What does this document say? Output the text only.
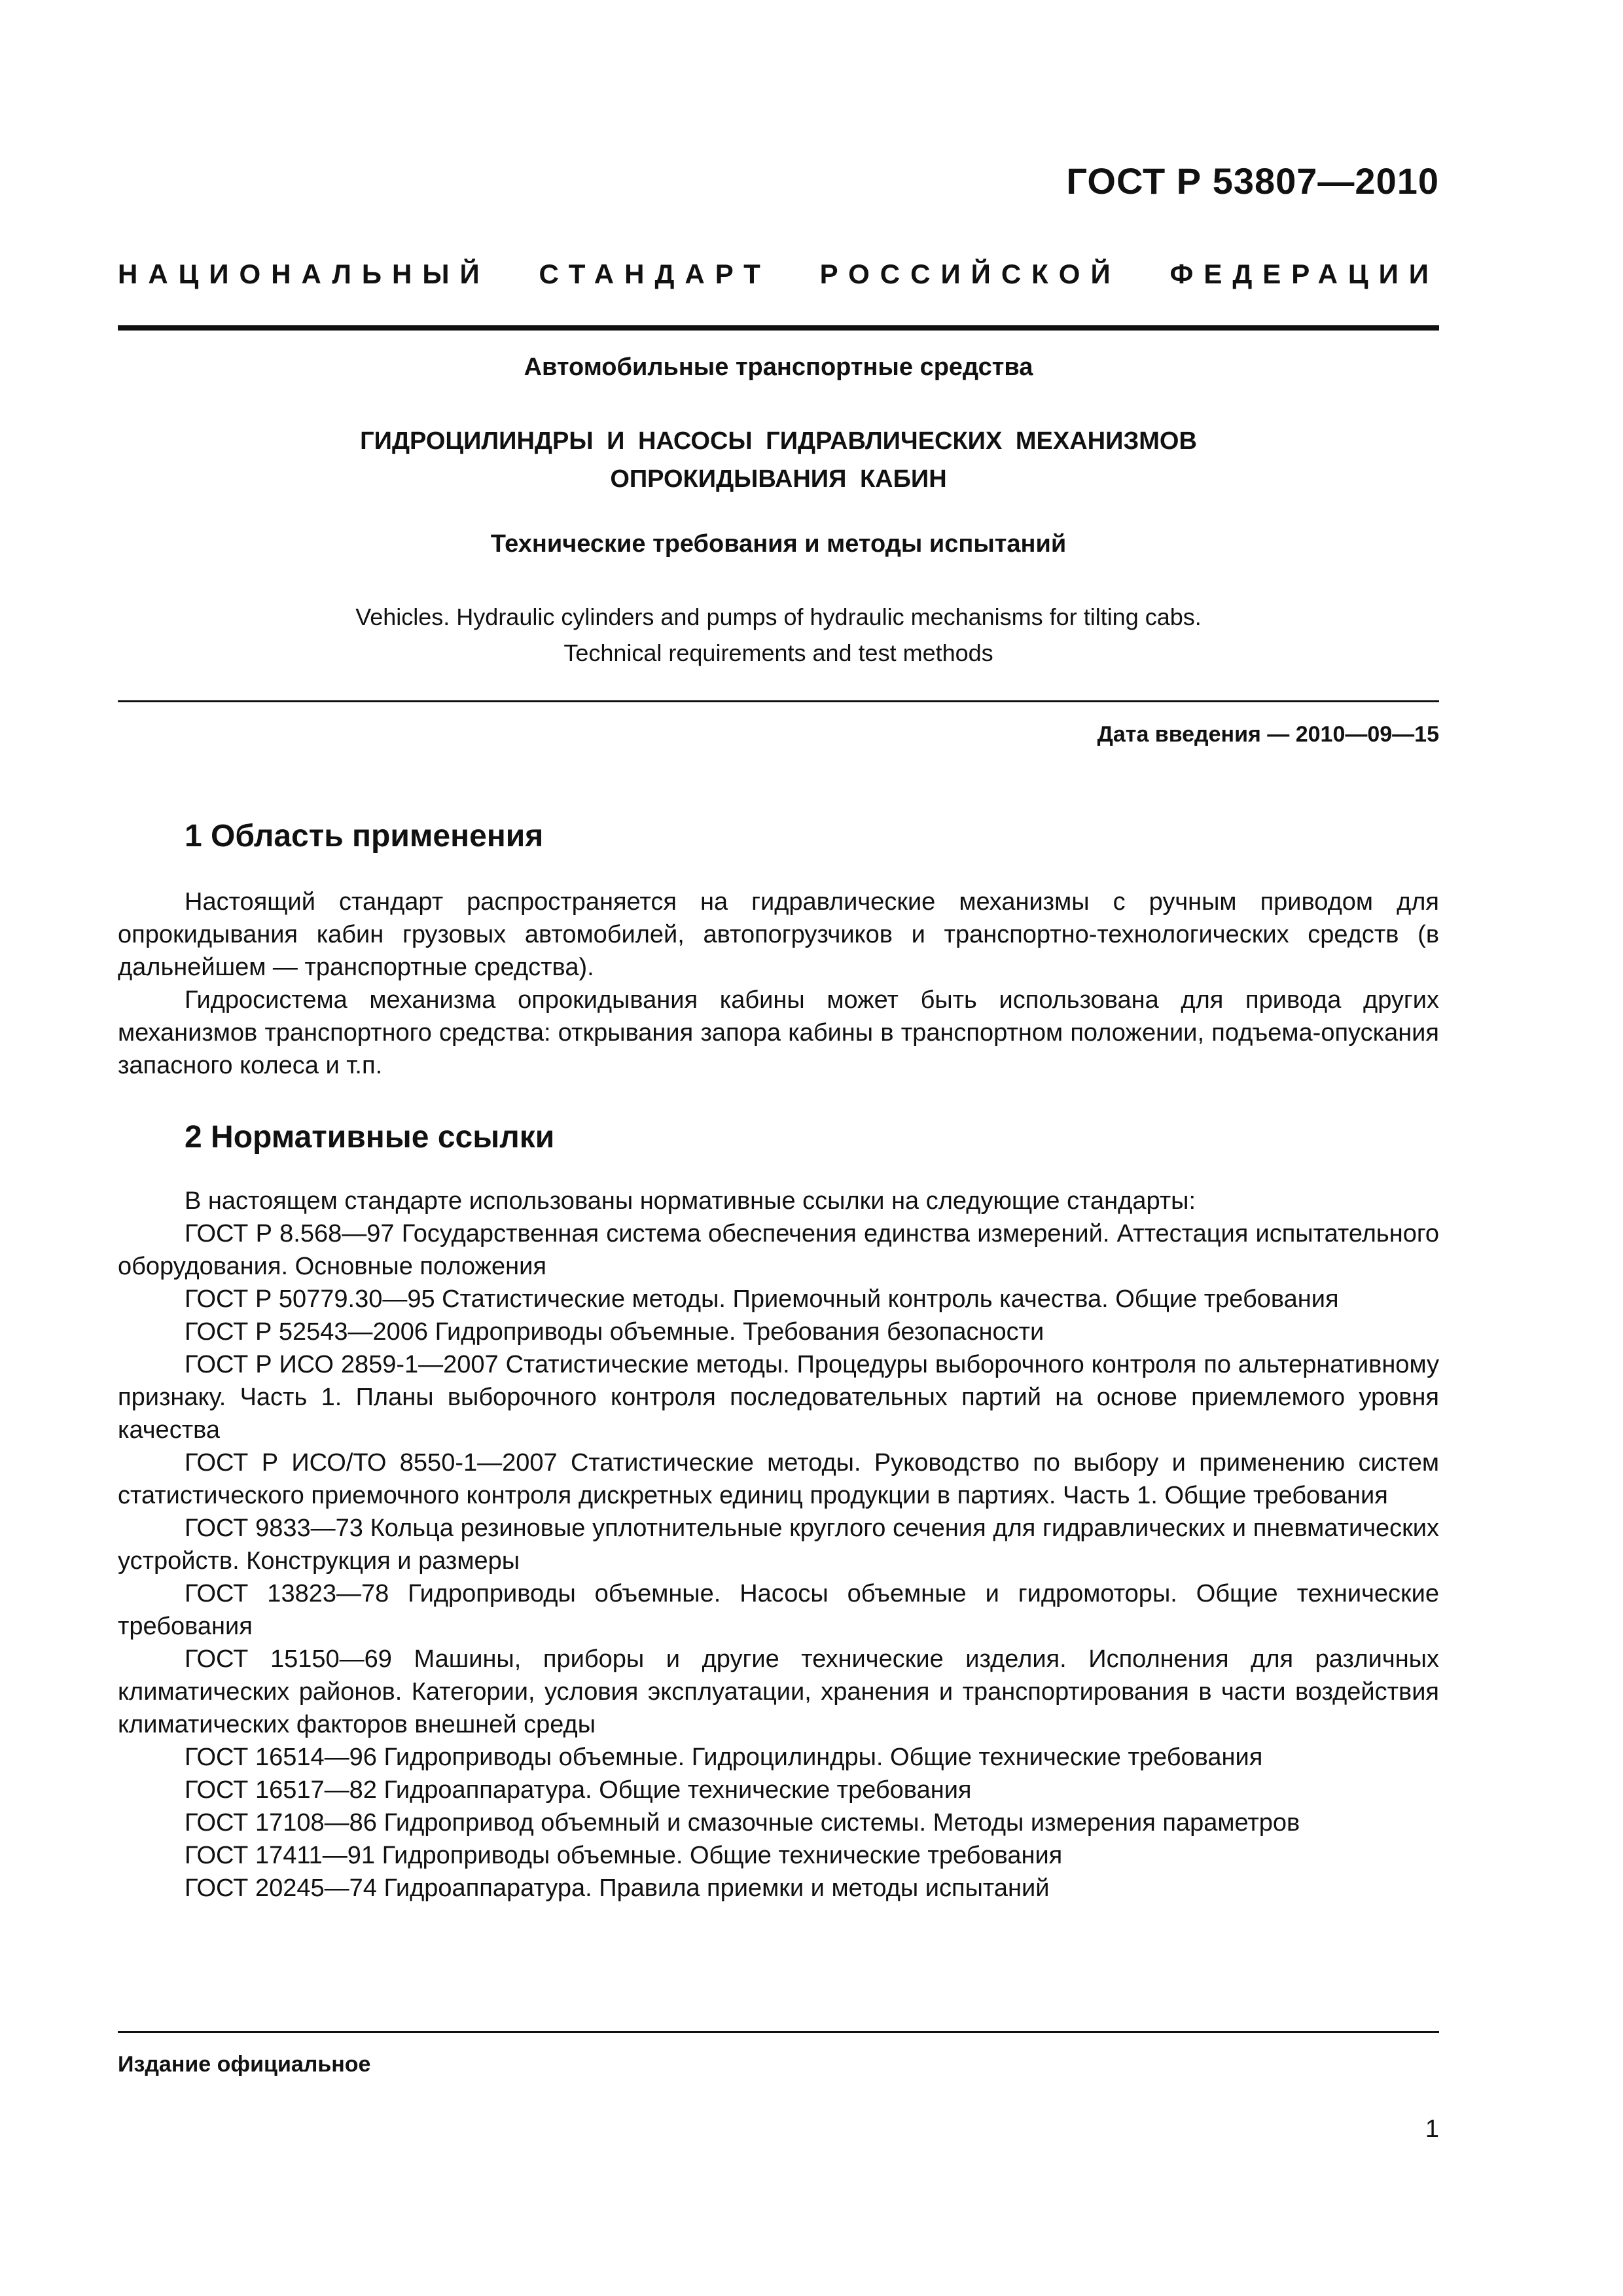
ГОСТ Р 53807—2010
НАЦИОНАЛЬНЫЙ СТАНДАРТ РОССИЙСКОЙ ФЕДЕРАЦИИ
Автомобильные транспортные средства
ГИДРОЦИЛИНДРЫ И НАСОСЫ ГИДРАВЛИЧЕСКИХ МЕХАНИЗМОВ
ОПРОКИДЫВАНИЯ КАБИН
Технические требования и методы испытаний
Vehicles. Hydraulic cylinders and pumps of hydraulic mechanisms for tilting cabs.
Technical requirements and test methods
Дата введения — 2010—09—15
1 Область применения

Настоящий стандарт распространяется на гидравлические механизмы с ручным приводом для опрокидывания кабин грузовых автомобилей, автопогрузчиков и транспортно-технологических средств (в дальнейшем — транспортные средства).

Гидросистема механизма опрокидывания кабины может быть использована для привода других механизмов транспортного средства: открывания запора кабины в транспортном положении, подъема-опускания запасного колеса и т.п.

2 Нормативные ссылки

В настоящем стандарте использованы нормативные ссылки на следующие стандарты:

ГОСТ Р 8.568—97 Государственная система обеспечения единства измерений. Аттестация испытательного оборудования. Основные положения

ГОСТ Р 50779.30—95 Статистические методы. Приемочный контроль качества. Общие требования

ГОСТ Р 52543—2006 Гидроприводы объемные. Требования безопасности

ГОСТ Р ИСО 2859-1—2007 Статистические методы. Процедуры выборочного контроля по альтернативному признаку. Часть 1. Планы выборочного контроля последовательных партий на основе приемлемого уровня качества

ГОСТ Р ИСО/ТО 8550-1—2007 Статистические методы. Руководство по выбору и применению систем статистического приемочного контроля дискретных единиц продукции в партиях. Часть 1. Общие требования

ГОСТ 9833—73 Кольца резиновые уплотнительные круглого сечения для гидравлических и пневматических устройств. Конструкция и размеры

ГОСТ 13823—78 Гидроприводы объемные. Насосы объемные и гидромоторы. Общие технические требования

ГОСТ 15150—69 Машины, приборы и другие технические изделия. Исполнения для различных климатических районов. Категории, условия эксплуатации, хранения и транспортирования в части воздействия климатических факторов внешней среды

ГОСТ 16514—96 Гидроприводы объемные. Гидроцилиндры. Общие технические требования

ГОСТ 16517—82 Гидроаппаратура. Общие технические требования

ГОСТ 17108—86 Гидропривод объемный и смазочные системы. Методы измерения параметров

ГОСТ 17411—91 Гидроприводы объемные. Общие технические требования

ГОСТ 20245—74 Гидроаппаратура. Правила приемки и методы испытаний

Издание официальное
1
